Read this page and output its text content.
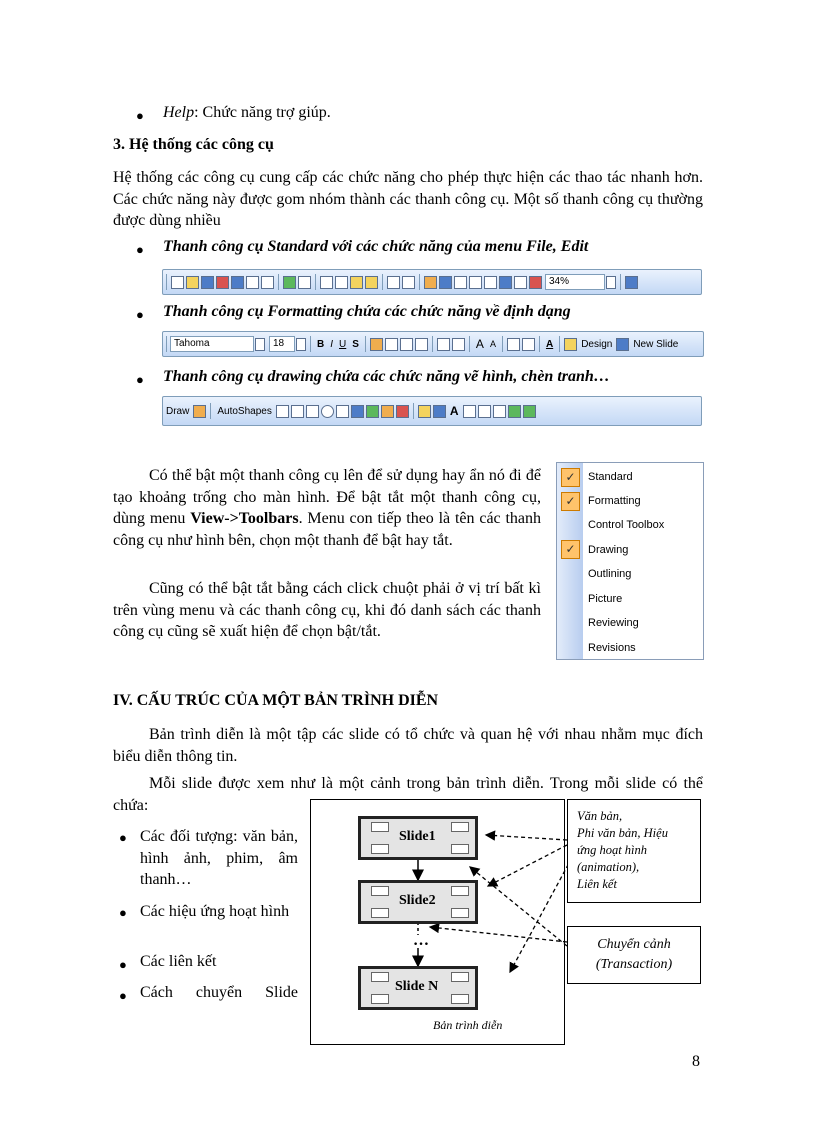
● Help: Chức năng trợ giúp.

3. Hệ thống các công cụ

Hệ thống các công cụ cung cấp các chức năng cho phép thực hiện các thao tác nhanh hơn. Các chức năng này được gom nhóm thành các thanh công cụ. Một số thanh công cụ thường được dùng nhiều

● Thanh công cụ Standard với các chức năng của menu File, Edit

34%
● Thanh công cụ Formatting chứa các chức năng về định dạng

Tahoma	18	B I U S	A A	A	Design	New Slide
● Thanh công cụ drawing chứa các chức năng vẽ hình, chèn tranh…

Draw	AutoShapes	A

Có thể bật một thanh công cụ lên để sử dụng hay ẩn nó đi để tạo khoảng trống cho màn hình. Để bật tắt một thanh công cụ, dùng menu View->Toolbars. Menu con tiếp theo là tên các thanh công cụ như hình bên, chọn một thanh để bật hay tắt.

Cũng có thể bật tắt bằng cách click chuột phải ở vị trí bất kì trên vùng menu và các thanh công cụ, khi đó danh sách các thanh công cụ cũng sẽ xuất hiện để chọn bật/tắt.

✓	Standard
✓	Formatting
Control Toolbox
✓	Drawing
Outlining
Picture
Reviewing
Revisions

IV. CẤU TRÚC CỦA MỘT BẢN TRÌNH DIỄN

Bản trình diễn là một tập các slide có tổ chức và quan hệ với nhau nhằm mục đích biểu diễn thông tin.

Mỗi slide được xem như là một cảnh trong bản trình diễn. Trong mỗi slide có thể chứa:

● Các đối tượng: văn bản, hình ảnh, phim, âm thanh…

● Các hiệu ứng hoạt hình

● Các liên kết

● Cách chuyển Slide

Slide1
Slide2
…
Slide N
Văn bản,
Phi văn bản, Hiệu
ứng hoạt hình
(animation),
Liên kết
Chuyển cảnh
(Transaction)
Bản trình diễn
8
